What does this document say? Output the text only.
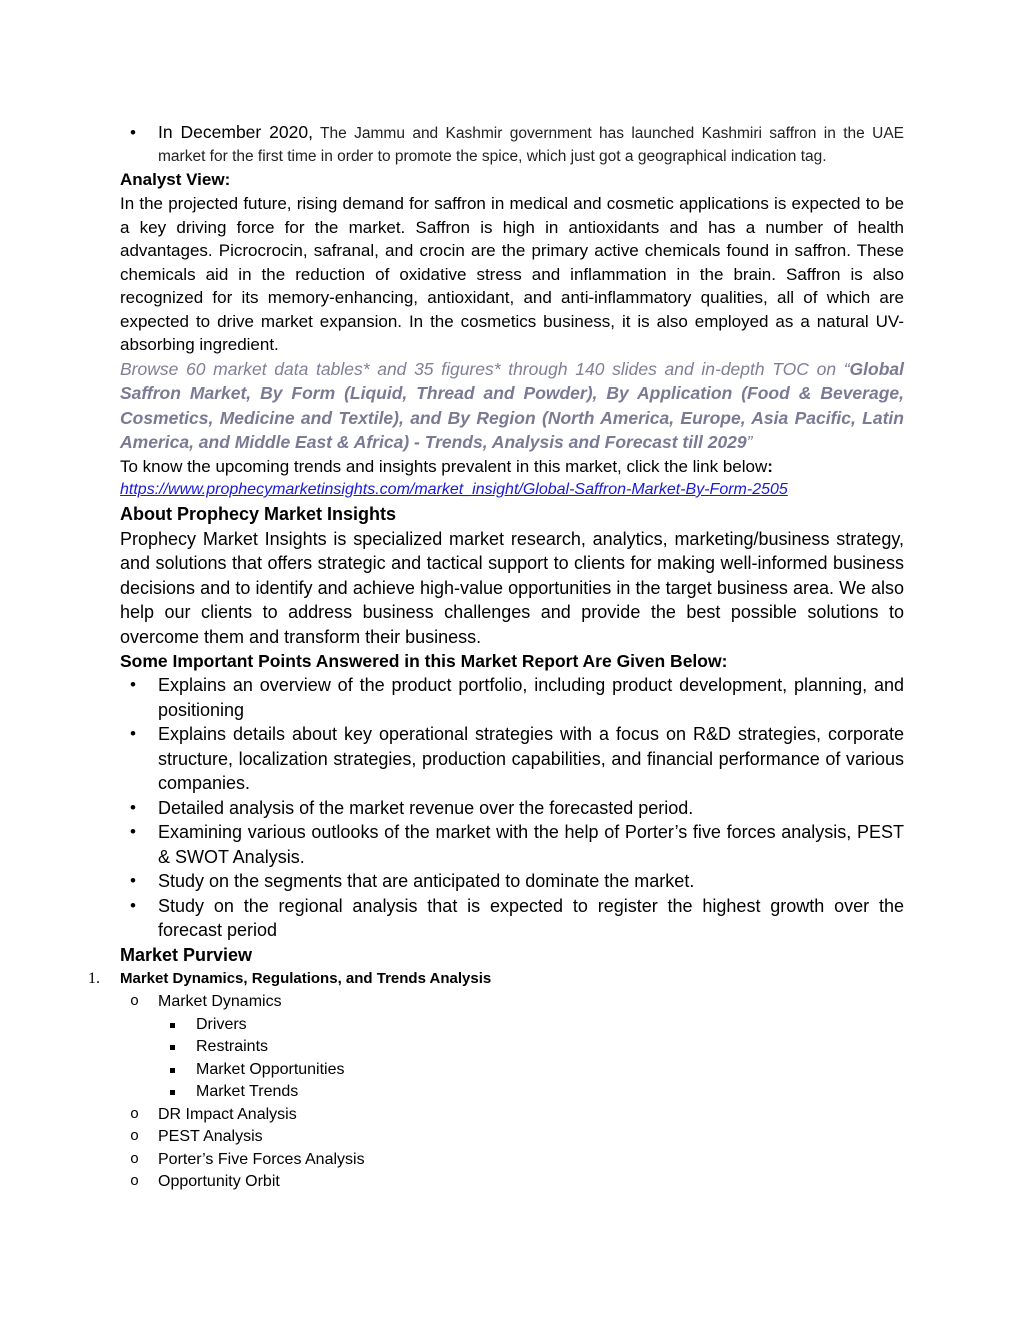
• In December 2020, The Jammu and Kashmir government has launched Kashmiri saffron in the UAE market for the first time in order to promote the spice, which just got a geographical indication tag.

Analyst View:

In the projected future, rising demand for saffron in medical and cosmetic applications is expected to be a key driving force for the market. Saffron is high in antioxidants and has a number of health advantages. Picrocrocin, safranal, and crocin are the primary active chemicals found in saffron. These chemicals aid in the reduction of oxidative stress and inflammation in the brain. Saffron is also recognized for its memory-enhancing, antioxidant, and anti-inflammatory qualities, all of which are expected to drive market expansion. In the cosmetics business, it is also employed as a natural UV-absorbing ingredient.

Browse 60 market data tables* and 35 figures* through 140 slides and in-depth TOC on “Global Saffron Market, By Form (Liquid, Thread and Powder), By Application (Food & Beverage, Cosmetics, Medicine and Textile), and By Region (North America, Europe, Asia Pacific, Latin America, and Middle East & Africa) - Trends, Analysis and Forecast till 2029”

To know the upcoming trends and insights prevalent in this market, click the link below:

https://www.prophecymarketinsights.com/market_insight/Global-Saffron-Market-By-Form-2505

About Prophecy Market Insights

Prophecy Market Insights is specialized market research, analytics, marketing/business strategy, and solutions that offers strategic and tactical support to clients for making well-informed business decisions and to identify and achieve high-value opportunities in the target business area. We also help our clients to address business challenges and provide the best possible solutions to overcome them and transform their business.

Some Important Points Answered in this Market Report Are Given Below:

• Explains an overview of the product portfolio, including product development, planning, and positioning
• Explains details about key operational strategies with a focus on R&D strategies, corporate structure, localization strategies, production capabilities, and financial performance of various companies.
• Detailed analysis of the market revenue over the forecasted period.
• Examining various outlooks of the market with the help of Porter’s five forces analysis, PEST & SWOT Analysis.
• Study on the segments that are anticipated to dominate the market.
• Study on the regional analysis that is expected to register the highest growth over the forecast period

Market Purview

1. Market Dynamics, Regulations, and Trends Analysis
o Market Dynamics
Drivers
Restraints
Market Opportunities
Market Trends
o DR Impact Analysis
o PEST Analysis
o Porter’s Five Forces Analysis
o Opportunity Orbit
